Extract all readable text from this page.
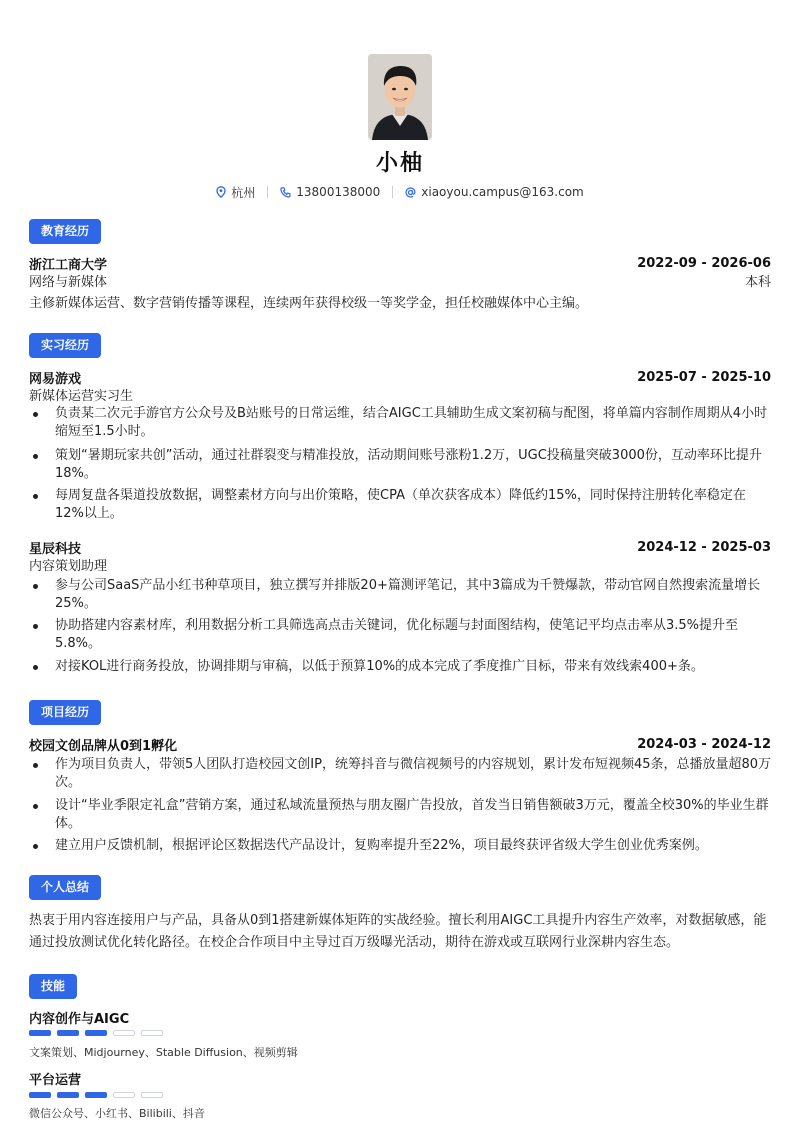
小柚
杭州	13800138000	xiaoyou.campus@163.com
教育经历
浙江工商大学	2022-09 - 2026-06
网络与新媒体	本科
主修新媒体运营、数字营销传播等课程，连续两年获得校级一等奖学金，担任校融媒体中心主编。
实习经历
网易游戏	2025-07 - 2025-10
新媒体运营实习生
负责某二次元手游官方公众号及B站账号的日常运维，结合AIGC工具辅助生成文案初稿与配图，将单篇内容制作周期从4小时缩短至1.5小时。
策划“暑期玩家共创”活动，通过社群裂变与精准投放，活动期间账号涨粉1.2万，UGC投稿量突破3000份，互动率环比提升18%。
每周复盘各渠道投放数据，调整素材方向与出价策略，使CPA（单次获客成本）降低约15%，同时保持注册转化率稳定在12%以上。
星辰科技	2024-12 - 2025-03
内容策划助理
参与公司SaaS产品小红书种草项目，独立撰写并排版20+篇测评笔记，其中3篇成为千赞爆款，带动官网自然搜索流量增长25%。
协助搭建内容素材库，利用数据分析工具筛选高点击关键词，优化标题与封面图结构，使笔记平均点击率从3.5%提升至5.8%。
对接KOL进行商务投放，协调排期与审稿，以低于预算10%的成本完成了季度推广目标，带来有效线索400+条。
项目经历
校园文创品牌从0到1孵化	2024-03 - 2024-12
作为项目负责人，带领5人团队打造校园文创IP，统筹抖音与微信视频号的内容规划，累计发布短视频45条，总播放量超80万次。
设计“毕业季限定礼盒”营销方案，通过私域流量预热与朋友圈广告投放，首发当日销售额破3万元，覆盖全校30%的毕业生群体。
建立用户反馈机制，根据评论区数据迭代产品设计，复购率提升至22%，项目最终获评省级大学生创业优秀案例。
个人总结
热衷于用内容连接用户与产品，具备从0到1搭建新媒体矩阵的实战经验。擅长利用AIGC工具提升内容生产效率，对数据敏感，能通过投放测试优化转化路径。在校企合作项目中主导过百万级曝光活动，期待在游戏或互联网行业深耕内容生态。
技能
内容创作与AIGC
文案策划、Midjourney、Stable Diffusion、视频剪辑
平台运营
微信公众号、小红书、Bilibili、抖音
